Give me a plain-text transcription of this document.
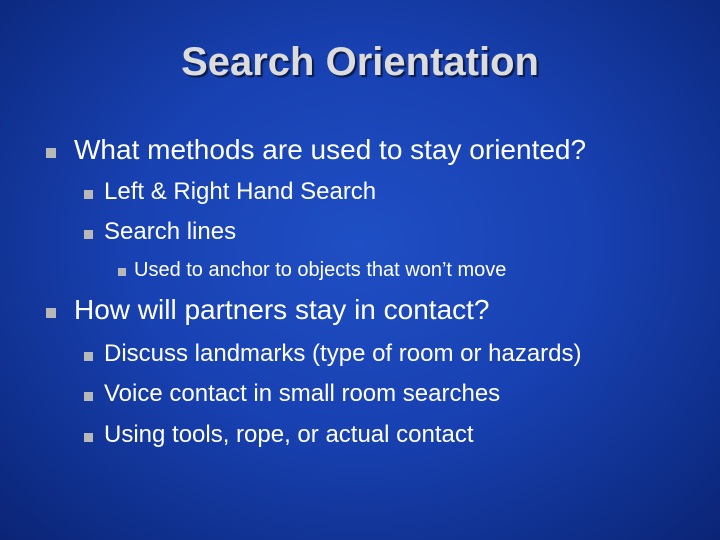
Search Orientation
What methods are used to stay oriented?
Left & Right Hand Search
Search lines
Used to anchor to objects that won’t move
How will partners stay in contact?
Discuss landmarks (type of room or hazards)
Voice contact in small room searches
Using tools, rope, or actual contact
